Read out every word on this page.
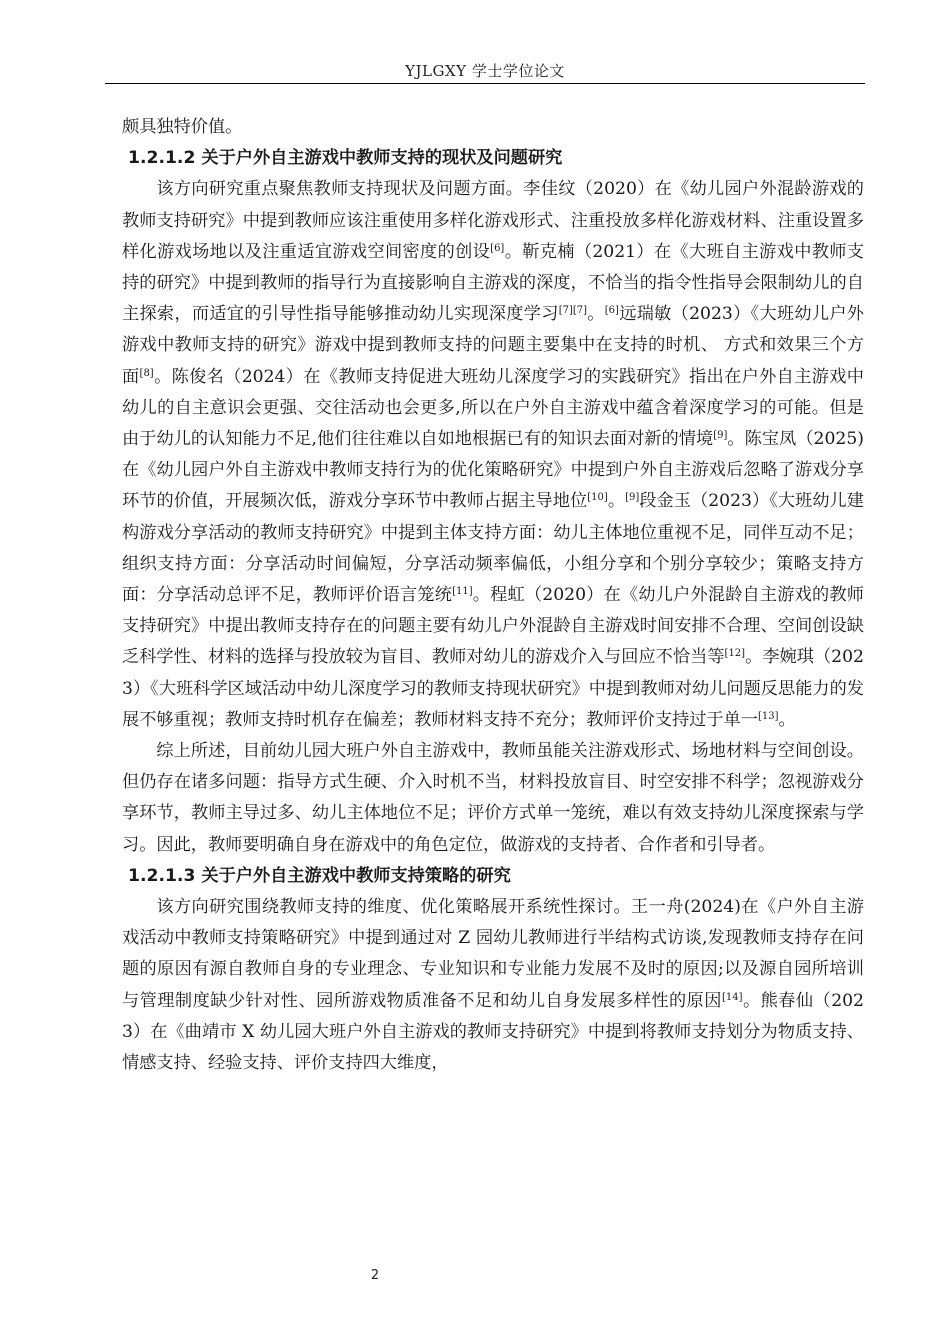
YJLGXY 学士学位论文

颇具独特价值。

1.2.1.2 关于户外自主游戏中教师支持的现状及问题研究

该方向研究重点聚焦教师支持现状及问题方面。李佳纹（2020）在《幼儿园户外混龄游戏的教师支持研究》中提到教师应该注重使用多样化游戏形式、注重投放多样化游戏材料、注重设置多样化游戏场地以及注重适宜游戏空间密度的创设[6]。靳克楠（2021）在《大班自主游戏中教师支持的研究》中提到教师的指导行为直接影响自主游戏的深度，不恰当的指令性指导会限制幼儿的自主探索，而适宜的引导性指导能够推动幼儿实现深度学习[7][7]。[6]远瑞敏（2023）《大班幼儿户外游戏中教师支持的研究》游戏中提到教师支持的问题主要集中在支持的时机、 方式和效果三个方面[8]。陈俊名（2024）在《教师支持促进大班幼儿深度学习的实践研究》指出在户外自主游戏中幼儿的自主意识会更强、交往活动也会更多,所以在户外自主游戏中蕴含着深度学习的可能。但是由于幼儿的认知能力不足,他们往往难以自如地根据已有的知识去面对新的情境[9]。陈宝凤（2025)在《幼儿园户外自主游戏中教师支持行为的优化策略研究》中提到户外自主游戏后忽略了游戏分享环节的价值，开展频次低，游戏分享环节中教师占据主导地位[10]。[9]段金玉（2023）《大班幼儿建构游戏分享活动的教师支持研究》中提到主体支持方面：幼儿主体地位重视不足，同伴互动不足；组织支持方面：分享活动时间偏短，分享活动频率偏低，小组分享和个别分享较少；策略支持方面：分享活动总评不足，教师评价语言笼统[11]。程虹（2020）在《幼儿户外混龄自主游戏的教师支持研究》中提出教师支持存在的问题主要有幼儿户外混龄自主游戏时间安排不合理、空间创设缺乏科学性、材料的选择与投放较为盲目、教师对幼儿的游戏介入与回应不恰当等[12]。李婉琪（2023）《大班科学区域活动中幼儿深度学习的教师支持现状研究》中提到教师对幼儿问题反思能力的发展不够重视；教师支持时机存在偏差；教师材料支持不充分；教师评价支持过于单一[13]。

综上所述，目前幼儿园大班户外自主游戏中，教师虽能关注游戏形式、场地材料与空间创设。但仍存在诸多问题：指导方式生硬、介入时机不当，材料投放盲目、时空安排不科学；忽视游戏分享环节，教师主导过多、幼儿主体地位不足；评价方式单一笼统，难以有效支持幼儿深度探索与学习。因此，教师要明确自身在游戏中的角色定位，做游戏的支持者、合作者和引导者。

1.2.1.3 关于户外自主游戏中教师支持策略的研究

该方向研究围绕教师支持的维度、优化策略展开系统性探讨。王一舟(2024)在《户外自主游戏活动中教师支持策略研究》中提到通过对 Z 园幼儿教师进行半结构式访谈,发现教师支持存在问题的原因有源自教师自身的专业理念、专业知识和专业能力发展不及时的原因;以及源自园所培训与管理制度缺少针对性、园所游戏物质准备不足和幼儿自身发展多样性的原因[14]。熊春仙（2023）在《曲靖市 X 幼儿园大班户外自主游戏的教师支持研究》中提到将教师支持划分为物质支持、情感支持、经验支持、评价支持四大维度，

2
